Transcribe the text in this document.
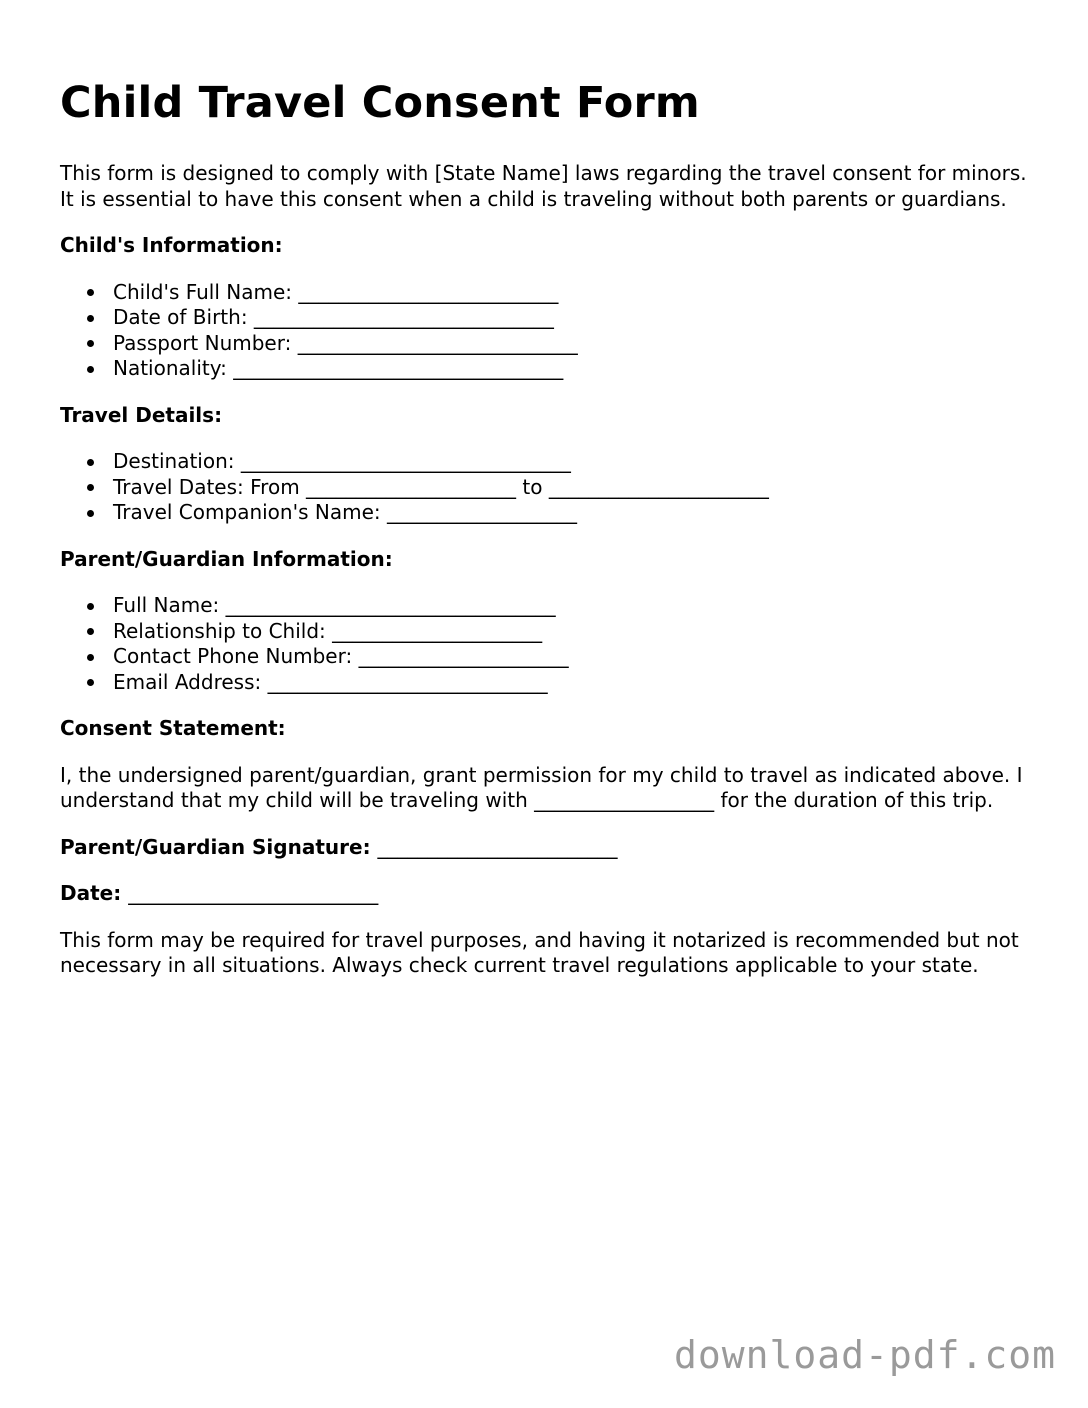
Child Travel Consent Form

This form is designed to comply with [State Name] laws regarding the travel consent for minors. It is essential to have this consent when a child is traveling without both parents or guardians.

Child's Information:
Child's Full Name: __________________________
Date of Birth: ______________________________
Passport Number: ____________________________
Nationality: _________________________________
Travel Details:
Destination: _________________________________
Travel Dates: From _____________________ to ______________________
Travel Companion's Name: ___________________
Parent/Guardian Information:
Full Name: _________________________________
Relationship to Child: _____________________
Contact Phone Number: _____________________
Email Address: ____________________________
Consent Statement:

I, the undersigned parent/guardian, grant permission for my child to travel as indicated above. I understand that my child will be traveling with __________________ for the duration of this trip.

Parent/Guardian Signature: ________________________
Date: _________________________

This form may be required for travel purposes, and having it notarized is recommended but not necessary in all situations. Always check current travel regulations applicable to your state.

download-pdf.com
